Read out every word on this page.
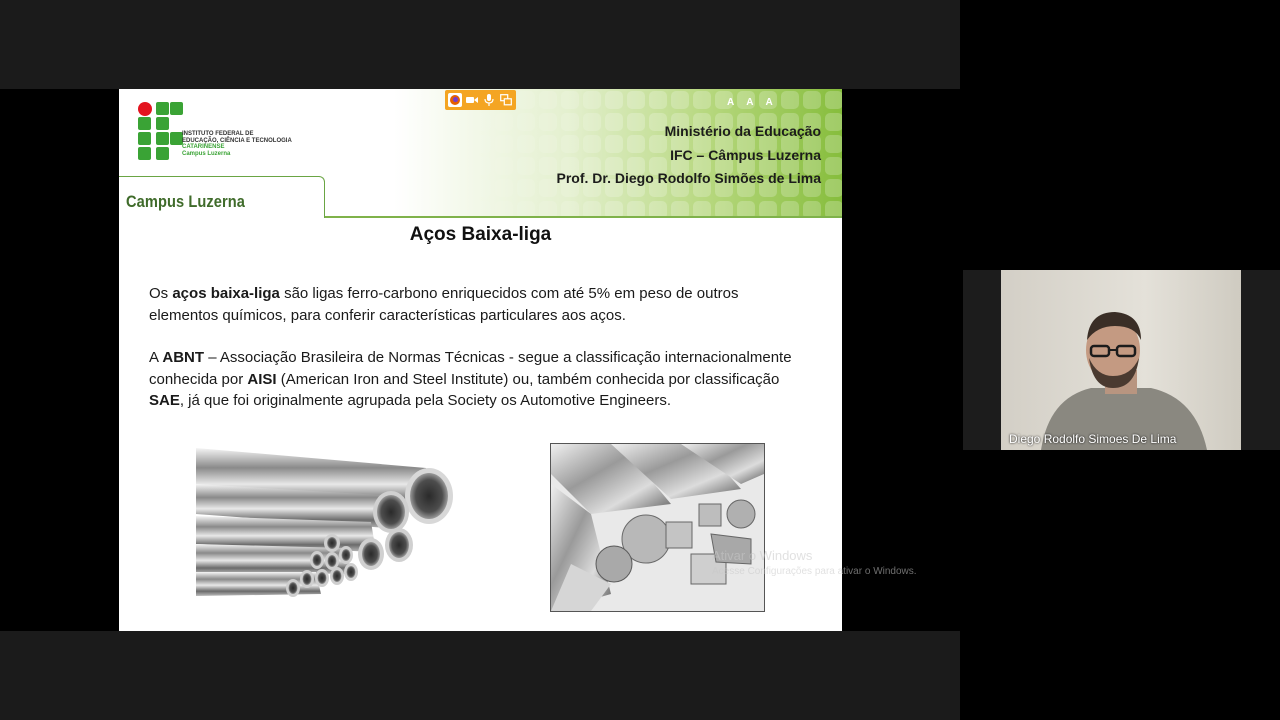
INSTITUTO FEDERAL DE
EDUCAÇÃO, CIÊNCIA E TECNOLOGIA
CATARINENSE
Campus Luzerna
Campus Luzerna
A A A
Ministério da Educação
IFC – Câmpus Luzerna
Prof. Dr. Diego Rodolfo Simões de Lima
Aços Baixa-liga
Os aços baixa-liga são ligas ferro-carbono enriquecidos com até 5% em peso de outros elementos químicos, para conferir características particulares aos aços.
A ABNT – Associação Brasileira de Normas Técnicas - segue a classificação internacionalmente conhecida por AISI (American Iron and Steel Institute) ou, também conhecida por classificação SAE, já que foi originalmente agrupada pela Society os Automotive Engineers.
Ativar o Windows
Acesse Configurações para ativar o Windows.
Diego Rodolfo Simoes De Lima
